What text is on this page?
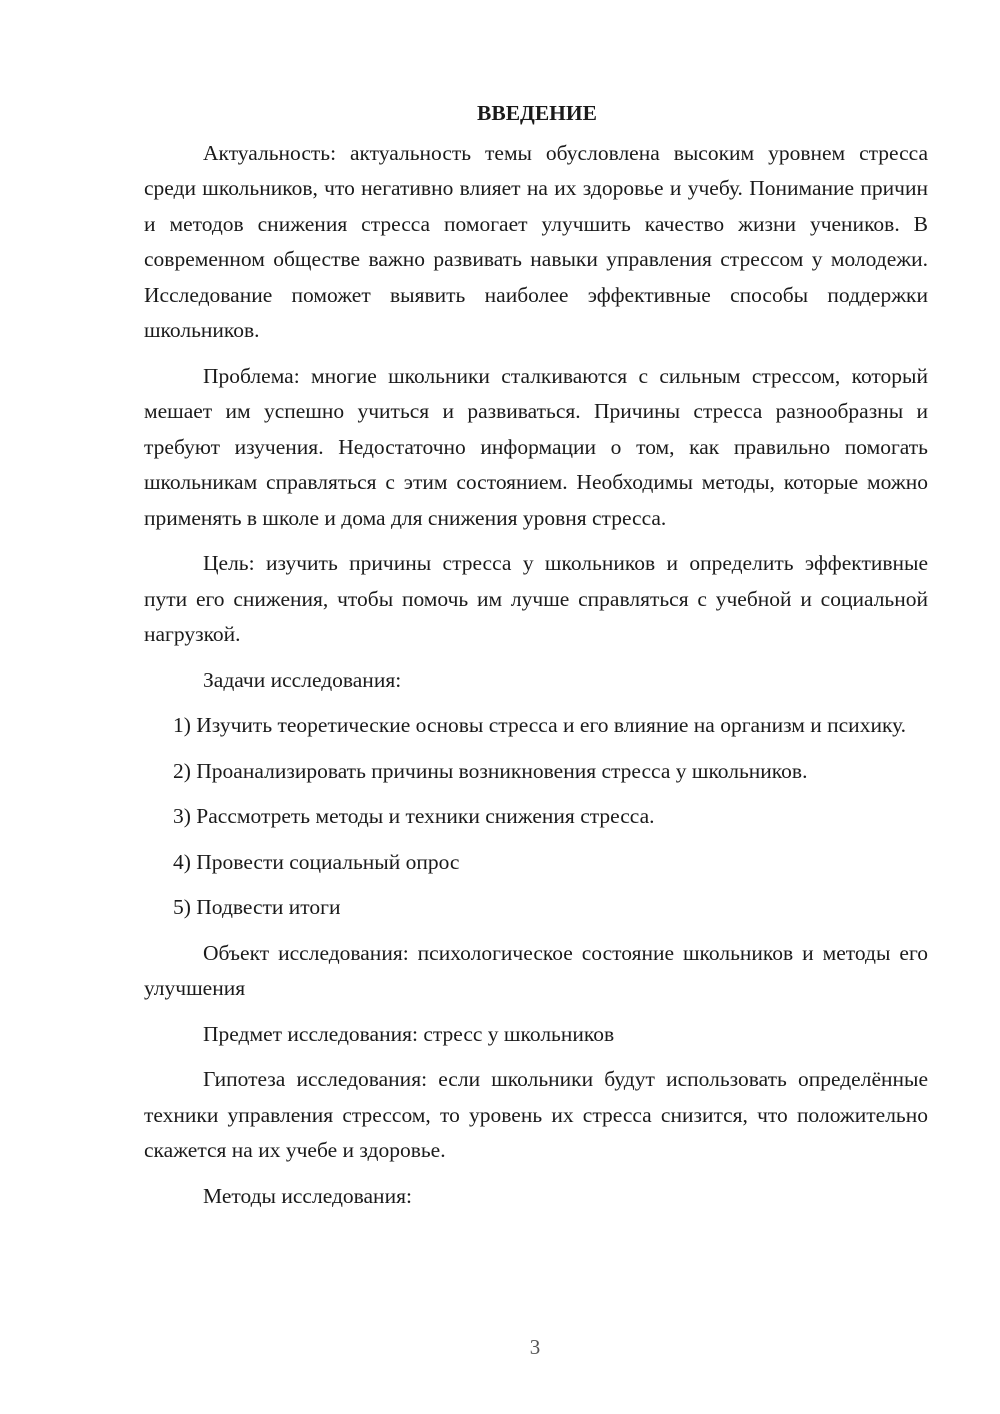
ВВЕДЕНИЕ

Актуальность: актуальность темы обусловлена высоким уровнем стресса среди школьников, что негативно влияет на их здоровье и учебу. Понимание причин и методов снижения стресса помогает улучшить качество жизни учеников. В современном обществе важно развивать навыки управления стрессом у молодежи. Исследование поможет выявить наиболее эффективные способы поддержки школьников.

Проблема: многие школьники сталкиваются с сильным стрессом, который мешает им успешно учиться и развиваться. Причины стресса разнообразны и требуют изучения. Недостаточно информации о том, как правильно помогать школьникам справляться с этим состоянием. Необходимы методы, которые можно применять в школе и дома для снижения уровня стресса.

Цель: изучить причины стресса у школьников и определить эффективные пути его снижения, чтобы помочь им лучше справляться с учебной и социальной нагрузкой.

Задачи исследования:

1) Изучить теоретические основы стресса и его влияние на организм и психику.

2) Проанализировать причины возникновения стресса у школьников.

3) Рассмотреть методы и техники снижения стресса.

4) Провести социальный опрос

5) Подвести итоги

Объект исследования: психологическое состояние школьников и методы его улучшения

Предмет исследования: стресс у школьников

Гипотеза исследования: если школьники будут использовать определённые техники управления стрессом, то уровень их стресса снизится, что положительно скажется на их учебе и здоровье.

Методы исследования:

3
